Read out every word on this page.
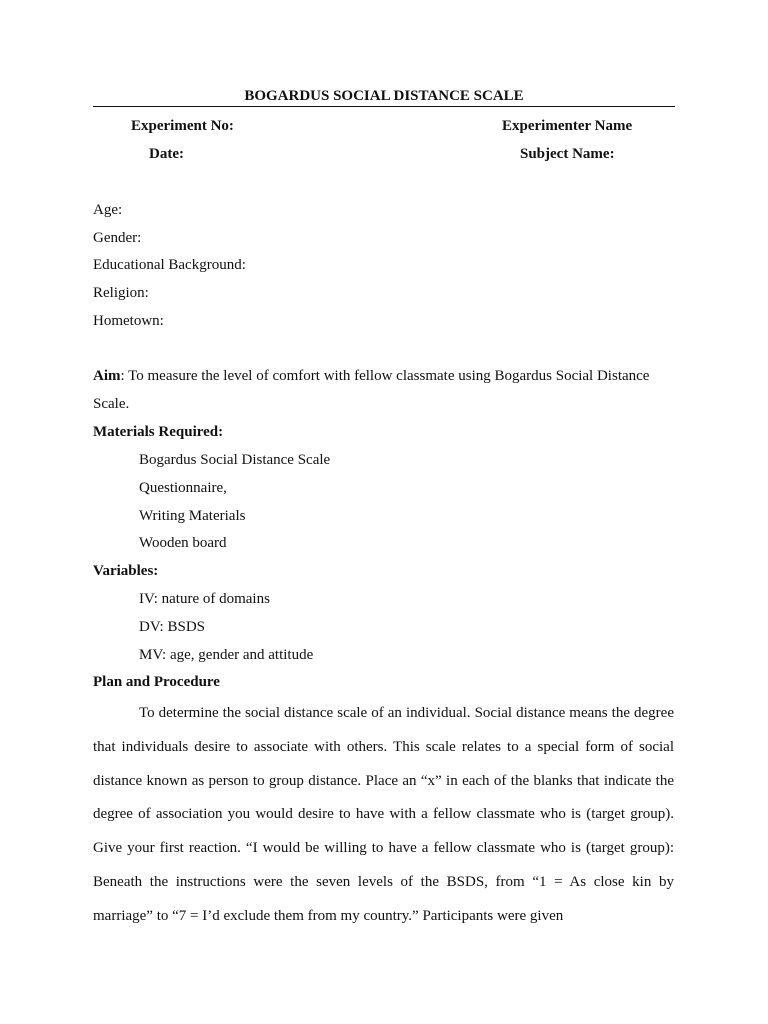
BOGARDUS SOCIAL DISTANCE SCALE
Experiment No:	Experimenter Name
Date:	Subject Name:
Age:
Gender:
Educational Background:
Religion:
Hometown:
Aim: To measure the level of comfort with fellow classmate using Bogardus Social Distance
Scale.
Materials Required:
Bogardus Social Distance Scale
Questionnaire,
Writing Materials
Wooden board
Variables:
IV: nature of domains
DV: BSDS
MV: age, gender and attitude
Plan and Procedure
To determine the social distance scale of an individual. Social distance means the degree that individuals desire to associate with others. This scale relates to a special form of social distance known as person to group distance. Place an “x” in each of the blanks that indicate the degree of association you would desire to have with a fellow classmate who is (target group). Give your first reaction. “I would be willing to have a fellow classmate who is (target group): Beneath the instructions were the seven levels of the BSDS, from “1 = As close kin by marriage” to “7 = I’d exclude them from my country.” Participants were given
